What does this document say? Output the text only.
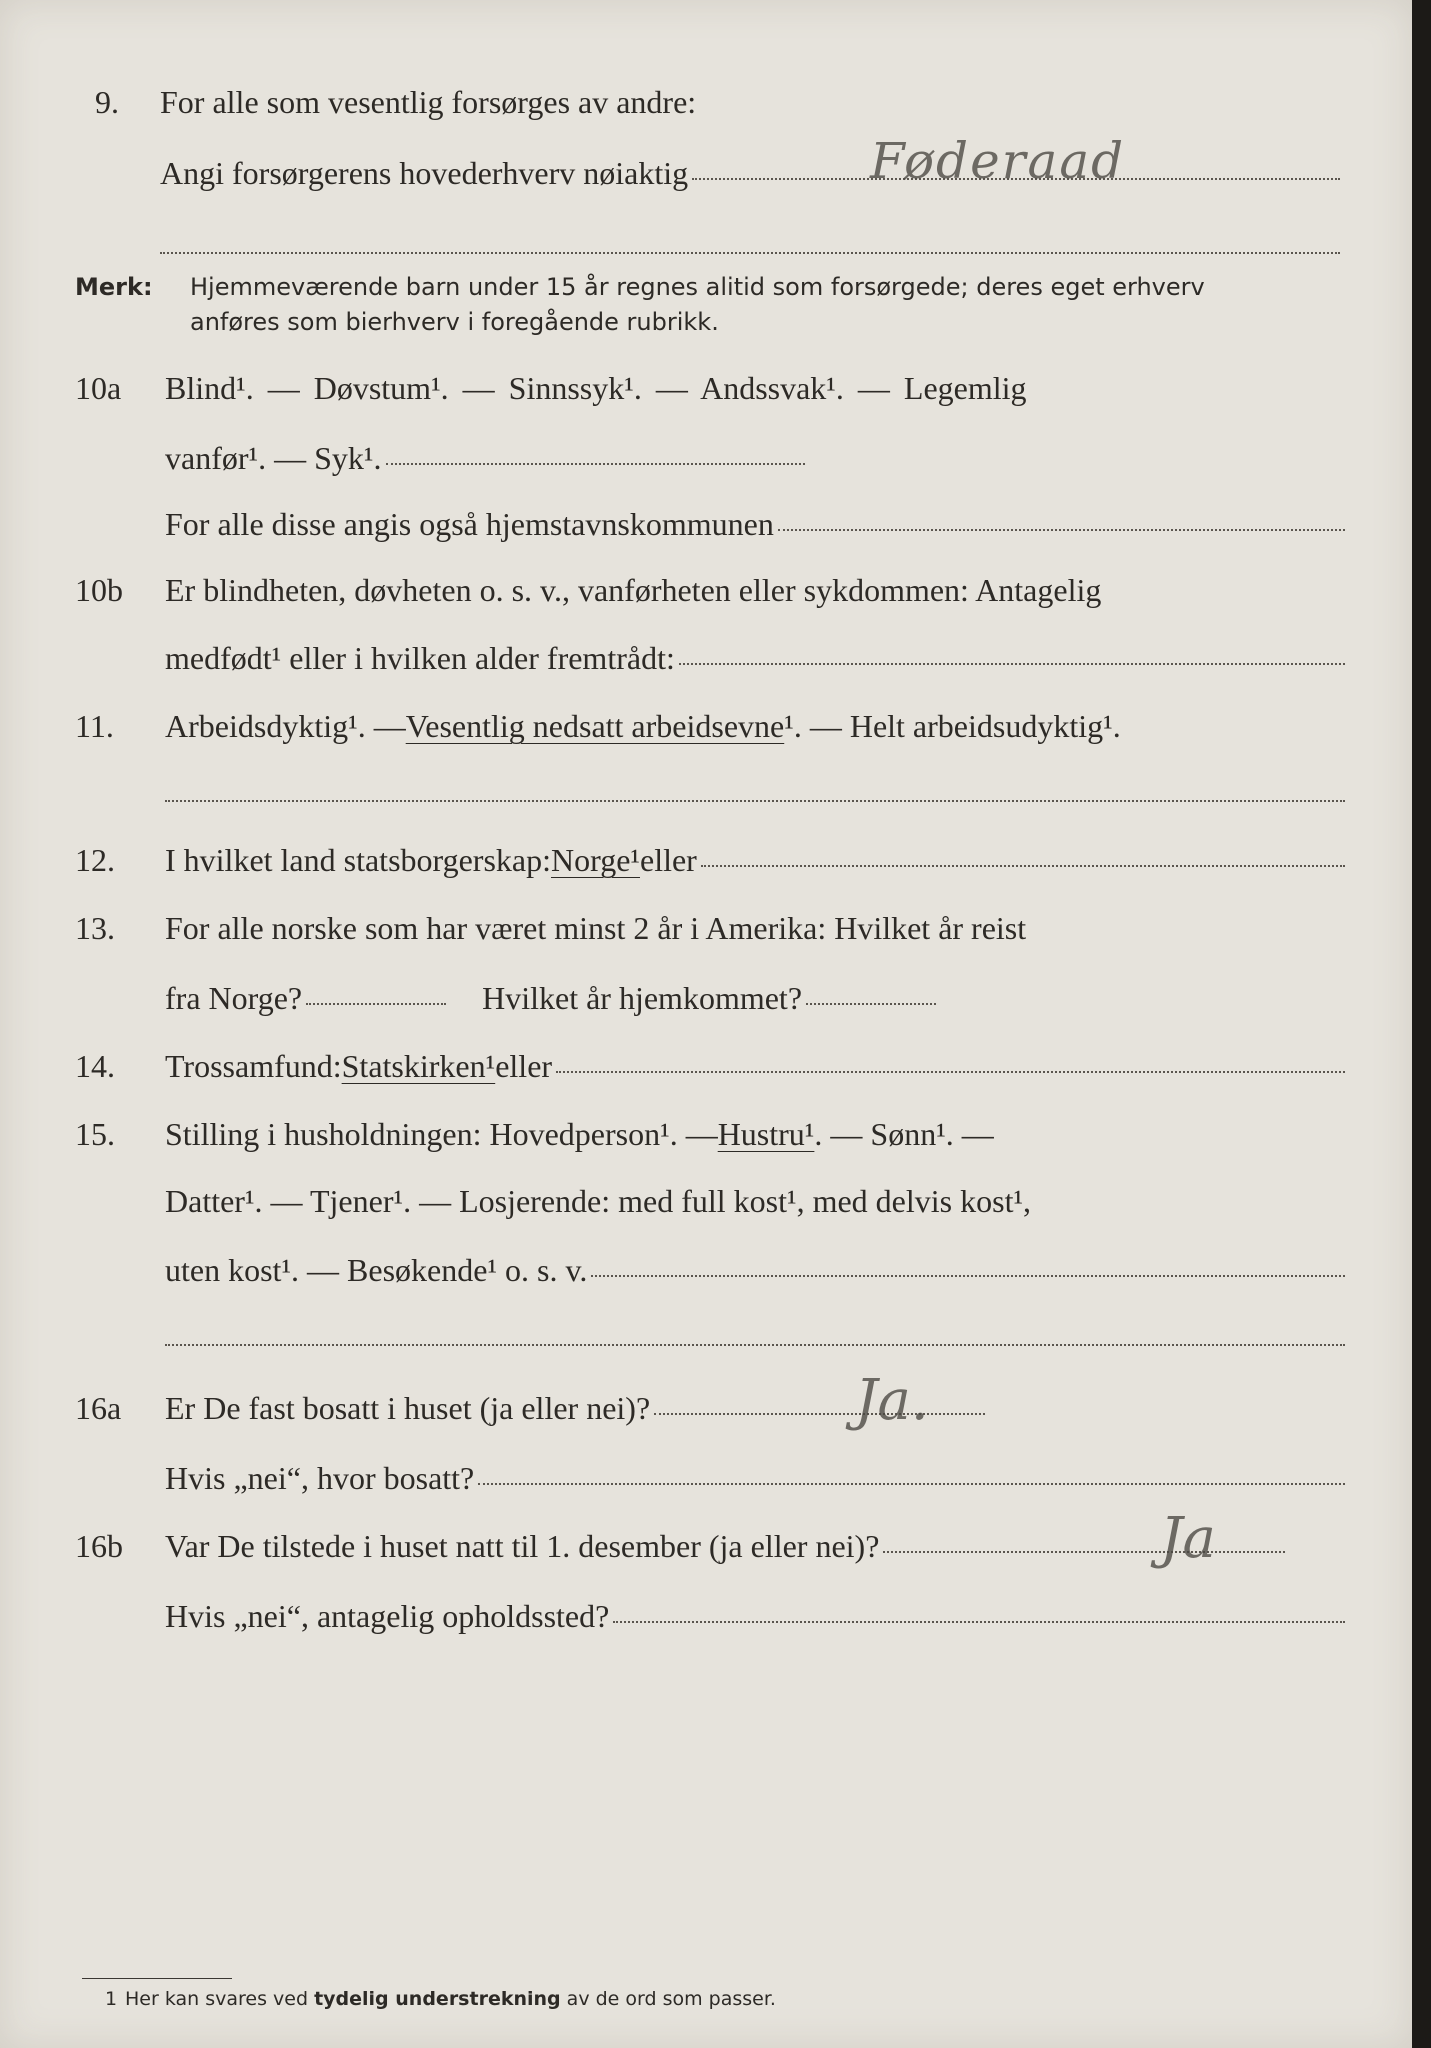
9. For alle som vesentlig forsørges av andre:
Angi forsørgerens hovederhverv nøiaktig	Føderaad
Merk: Hjemmeværende barn under 15 år regnes alitid som forsørgede; deres eget erhverv
anføres som bierhverv i foregående rubrikk.
10a Blind¹. — Døvstum¹. — Sinnssyk¹. — Andssvak¹. — Legemlig
vanfør¹. — Syk¹.
For alle disse angis også hjemstavnskommunen
10b Er blindheten, døvheten o. s. v., vanførheten eller sykdommen: Antagelig
medfødt¹ eller i hvilken alder fremtrådt:
11. Arbeidsdyktig¹. — Vesentlig nedsatt arbeidsevne ¹. — Helt arbeidsudyktig¹.
12. I hvilket land statsborgerskap: Norge¹ eller
13. For alle norske som har været minst 2 år i Amerika: Hvilket år reist
fra Norge?	Hvilket år hjemkommet?
14. Trossamfund: Statskirken¹ eller
15. Stilling i husholdningen: Hovedperson¹. — Hustru¹ . — Sønn¹. —
Datter¹. — Tjener¹. — Losjerende: med full kost¹, med delvis kost¹,
uten kost¹. — Besøkende¹ o. s. v.
16a Er De fast bosatt i huset (ja eller nei)?	Ja.
Hvis „nei“, hvor bosatt?
16b Var De tilstede i huset natt til 1. desember (ja eller nei)?	Ja
Hvis „nei“, antagelig opholdssted?
1 Her kan svares ved tydelig understrekning av de ord som passer.
